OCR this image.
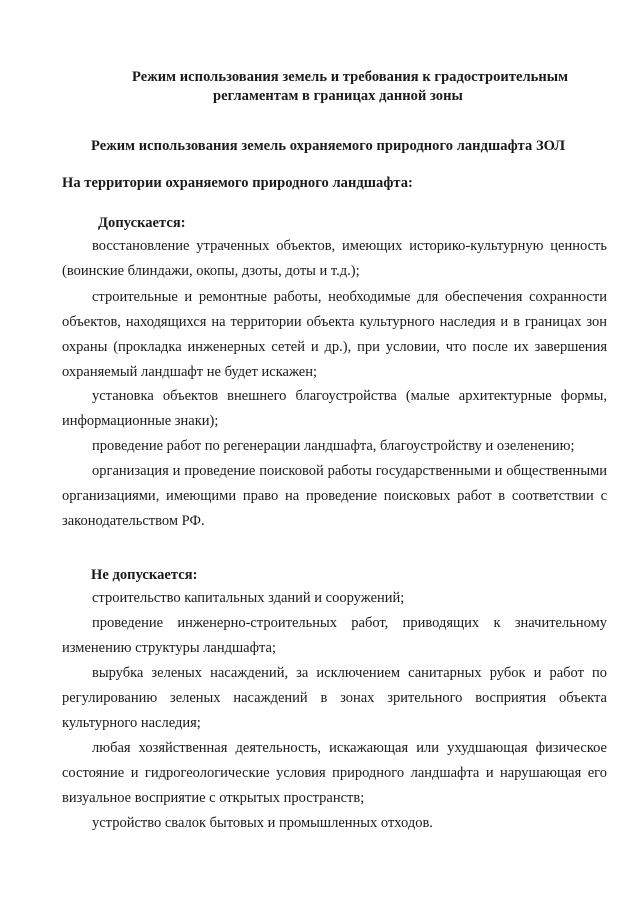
Режим использования земель и требования к градостроительным
регламентам в границах данной зоны
Режим использования земель охраняемого природного ландшафта ЗОЛ
На территории охраняемого природного ландшафта:
Допускается:

восстановление утраченных объектов, имеющих историко-культурную ценность (воинские блиндажи, окопы, дзоты, доты и т.д.);

строительные и ремонтные работы, необходимые для обеспечения сохранности объектов, находящихся на территории объекта культурного наследия и в границах зон охраны (прокладка инженерных сетей и др.), при условии, что после их завершения охраняемый ландшафт не будет искажен;

установка объектов внешнего благоустройства (малые архитектурные формы, информационные знаки);

проведение работ по регенерации ландшафта, благоустройству и озеленению;

организация и проведение поисковой работы государственными и общественными организациями, имеющими право на проведение поисковых работ в соответствии с законодательством РФ.

Не допускается:

строительство капитальных зданий и сооружений;

проведение инженерно-строительных работ, приводящих к значительному изменению структуры ландшафта;

вырубка зеленых насаждений, за исключением санитарных рубок и работ по регулированию зеленых насаждений в зонах зрительного восприятия объекта культурного наследия;

любая хозяйственная деятельность, искажающая или ухудшающая физическое состояние и гидрогеологические условия природного ландшафта и нарушающая его визуальное восприятие с открытых пространств;

устройство свалок бытовых и промышленных отходов.
